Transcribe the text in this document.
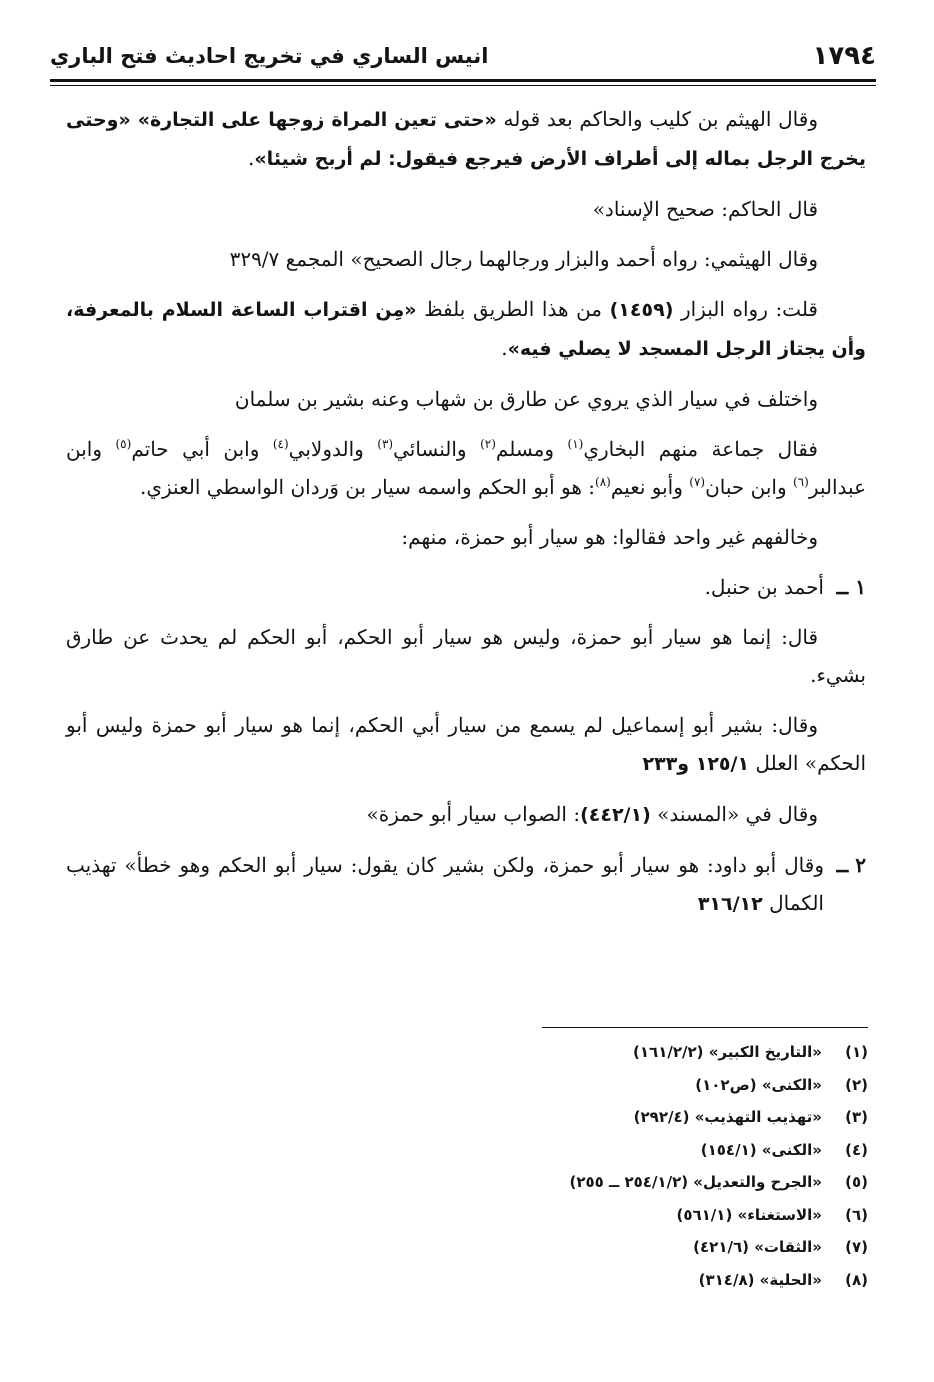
١٧٩٤
انيس الساري في تخريج احاديث فتح الباري

وقال الهيثم بن كليب والحاكم بعد قوله «حتى تعين المراة زوجها على التجارة» «وحتى يخرج الرجل بماله إلى أطراف الأرض فيرجع فيقول: لم أربح شيئا».

قال الحاكم: صحيح الإسناد»

وقال الهيثمي: رواه أحمد والبزار ورجالهما رجال الصحيح» المجمع ٣٢٩/٧

قلت: رواه البزار (١٤٥٩) من هذا الطريق بلفظ «مِن اقتراب الساعة السلام بالمعرفة، وأن يجتاز الرجل المسجد لا يصلي فيه».

واختلف في سيار الذي يروي عن طارق بن شهاب وعنه بشير بن سلمان

فقال جماعة منهم البخاري$^{(١)}$ ومسلم$^{(٢)}$ والنسائي$^{(٣)}$ والدولابي$^{(٤)}$ وابن أبي حاتم$^{(٥)}$ وابن عبدالبر$^{(٦)}$ وابن حبان$^{(٧)}$ وأبو نعيم$^{(٨)}$: هو أبو الحكم واسمه سيار بن وَردان الواسطي العنزي.

وخالفهم غير واحد فقالوا: هو سيار أبو حمزة، منهم:

١ ــ
أحمد بن حنبل.

قال: إنما هو سيار أبو حمزة، وليس هو سيار أبو الحكم، أبو الحكم لم يحدث عن طارق بشيء.

وقال: بشير أبو إسماعيل لم يسمع من سيار أبي الحكم، إنما هو سيار أبو حمزة وليس أبو الحكم» العلل ١٢٥/١ و٢٣٣

وقال في «المسند» (٤٤٢/١): الصواب سيار أبو حمزة»

٢ ــ
وقال أبو داود: هو سيار أبو حمزة، ولكن بشير كان يقول: سيار أبو الحكم وهو خطأ» تهذيب الكمال ٣١٦/١٢

(١)
«التاريخ الكبير» (١٦١/٢/٢)
(٢)
«الكنى» (ص١٠٢)
(٣)
«تهذيب التهذيب» (٢٩٢/٤)
(٤)
«الكنى» (١٥٤/١)
(٥)
«الجرح والتعديل» (٢٥٤/١/٢ ــ ٢٥٥)
(٦)
«الاستغناء» (٥٦١/١)
(٧)
«الثقات» (٤٢١/٦)
(٨)
«الحلية» (٣١٤/٨)
